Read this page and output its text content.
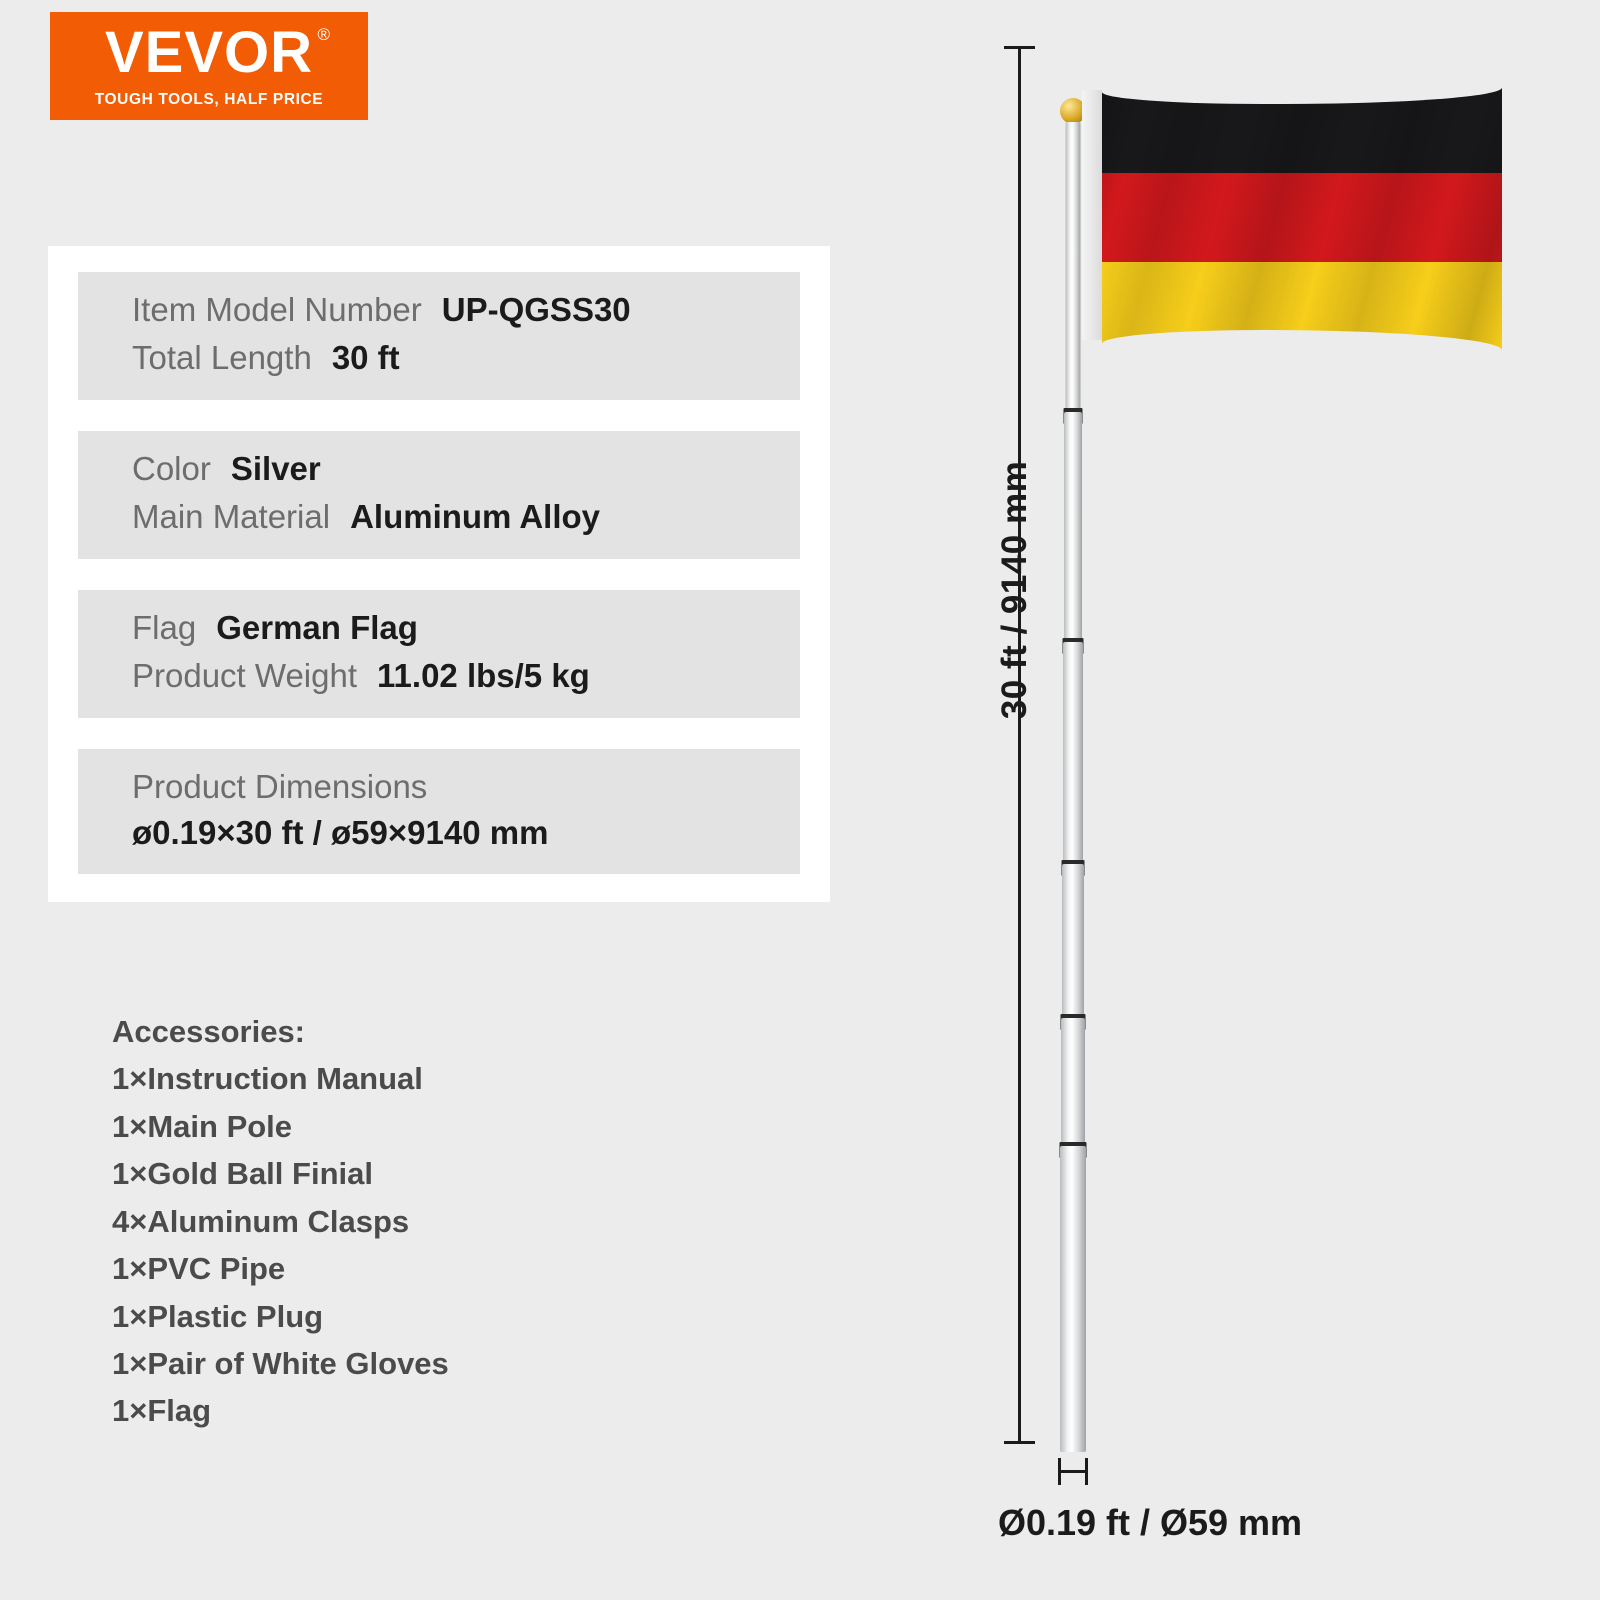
VEVOR ®
TOUGH TOOLS, HALF PRICE
Item Model Number UP-QGSS30
Total Length 30 ft
Color Silver
Main Material Aluminum Alloy
Flag German Flag
Product Weight 11.02 lbs/5 kg
Product Dimensions
ø0.19×30 ft / ø59×9140 mm
Accessories:
1×Instruction Manual
1×Main Pole
1×Gold Ball Finial
4×Aluminum Clasps
1×PVC Pipe
1×Plastic Plug
1×Pair of White Gloves
1×Flag
30 ft / 9140 mm
Ø0.19 ft / Ø59 mm
